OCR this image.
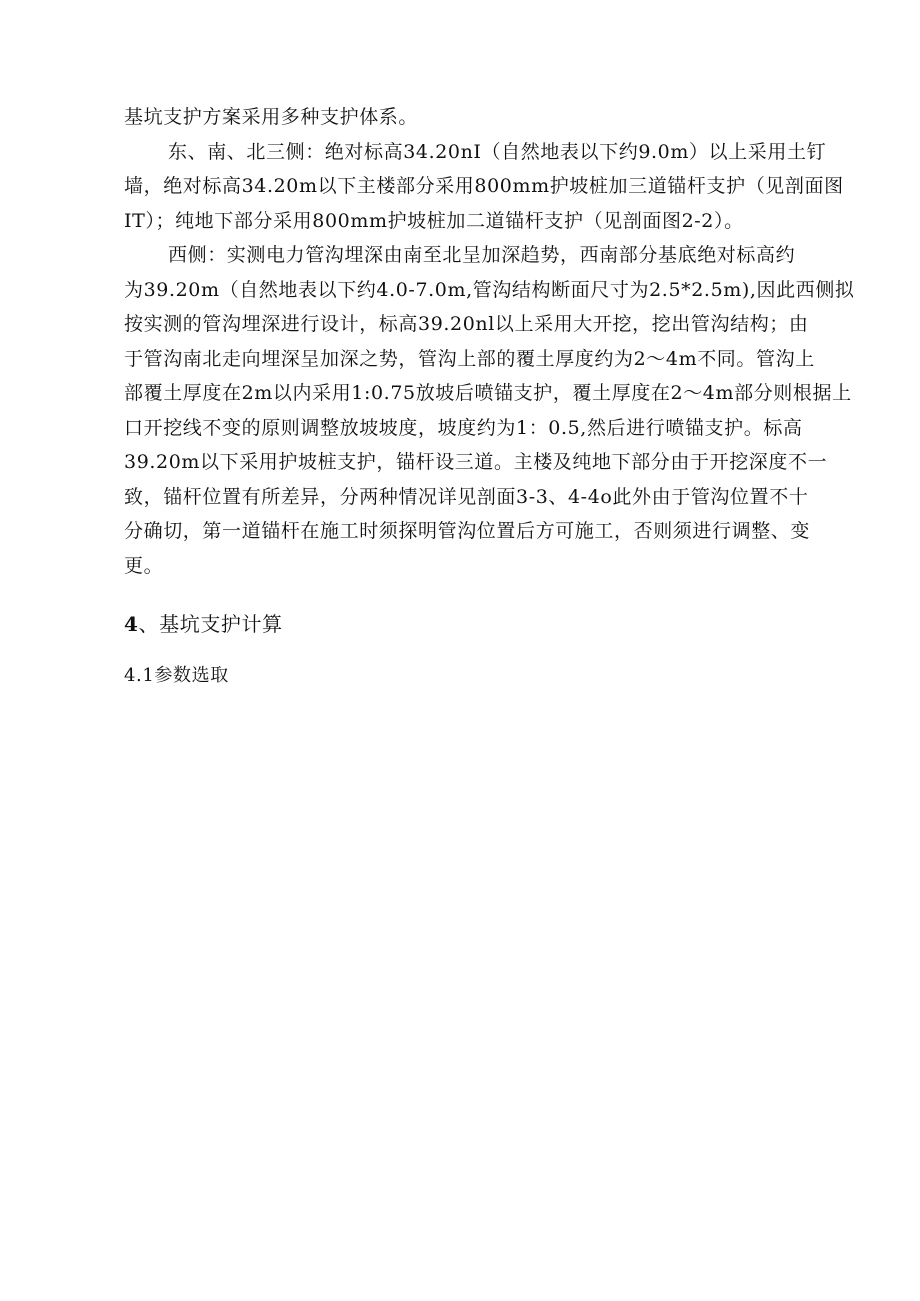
基坑支护方案采用多种支护体系。
东、南、北三侧：绝对标高34.20nI（自然地表以下约9.0m）以上采用土钉
墙，绝对标高34.20m以下主楼部分采用800mm护坡桩加三道锚杆支护（见剖面图
IT）；纯地下部分采用800mm护坡桩加二道锚杆支护（见剖面图2-2）。
西侧：实测电力管沟埋深由南至北呈加深趋势，西南部分基底绝对标高约
为39.20m（自然地表以下约4.0-7.0m,管沟结构断面尺寸为2.5*2.5m),因此西侧拟
按实测的管沟埋深进行设计，标高39.20nl以上采用大开挖，挖出管沟结构；由
于管沟南北走向埋深呈加深之势，管沟上部的覆土厚度约为2～4m不同。管沟上
部覆土厚度在2m以内采用1:0.75放坡后喷锚支护，覆土厚度在2～4m部分则根据上
口开挖线不变的原则调整放坡坡度，坡度约为1：0.5,然后进行喷锚支护。标高
39.20m以下采用护坡桩支护，锚杆设三道。主楼及纯地下部分由于开挖深度不一
致，锚杆位置有所差异，分两种情况详见剖面3-3、4-4o此外由于管沟位置不十
分确切，第一道锚杆在施工时须探明管沟位置后方可施工，否则须进行调整、变
更。
4、基坑支护计算
4.1参数选取
